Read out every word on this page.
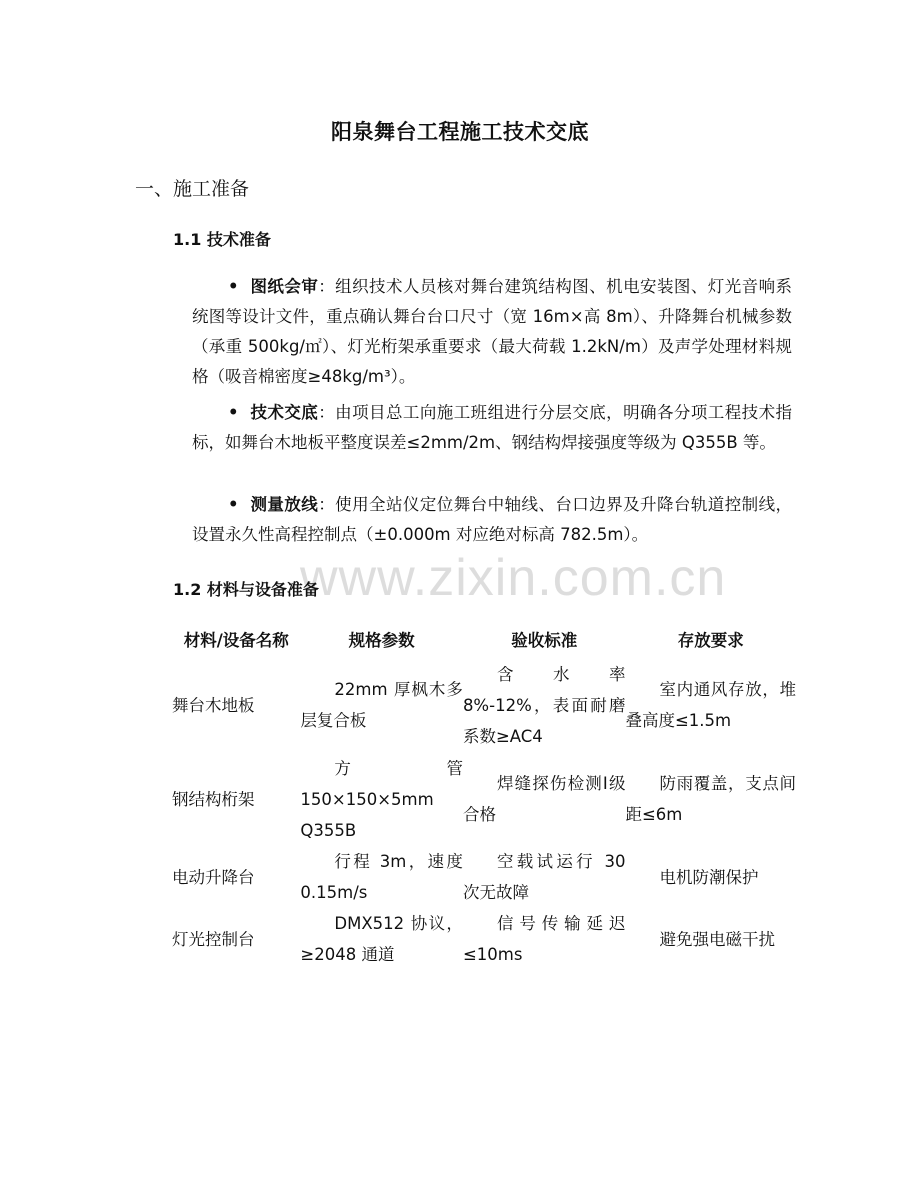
阳泉舞台工程施工技术交底
一、施工准备
1.1 技术准备
• 图纸会审：组织技术人员核对舞台建筑结构图、机电安装图、灯光音响系统图等设计文件，重点确认舞台台口尺寸（宽 16m×高 8m）、升降舞台机械参数（承重 500kg/㎡）、灯光桁架承重要求（最大荷载 1.2kN/m）及声学处理材料规格（吸音棉密度≥48kg/m³）。
• 技术交底：由项目总工向施工班组进行分层交底，明确各分项工程技术指标，如舞台木地板平整度误差≤2mm/2m、钢结构焊接强度等级为 Q355B 等。
• 测量放线：使用全站仪定位舞台中轴线、台口边界及升降台轨道控制线，设置永久性高程控制点（±0.000m 对应绝对标高 782.5m）。
www.zixin.com.cn
1.2 材料与设备准备
材料/设备名称	规格参数	验收标准	存放要求
舞台木地板	22mm 厚枫木多层复合板	含水率 8%-12%，表面耐磨系数≥AC4	室内通风存放，堆叠高度≤1.5m
钢结构桁架	方管 150×150×5mm Q355B	焊缝探伤检测Ⅰ级合格	防雨覆盖，支点间距≤6m
电动升降台	行程 3m，速度 0.15m/s	空载试运行 30 次无故障	电机防潮保护
灯光控制台	DMX512 协议，≥2048 通道	信号传输延迟≤10ms	避免强电磁干扰
